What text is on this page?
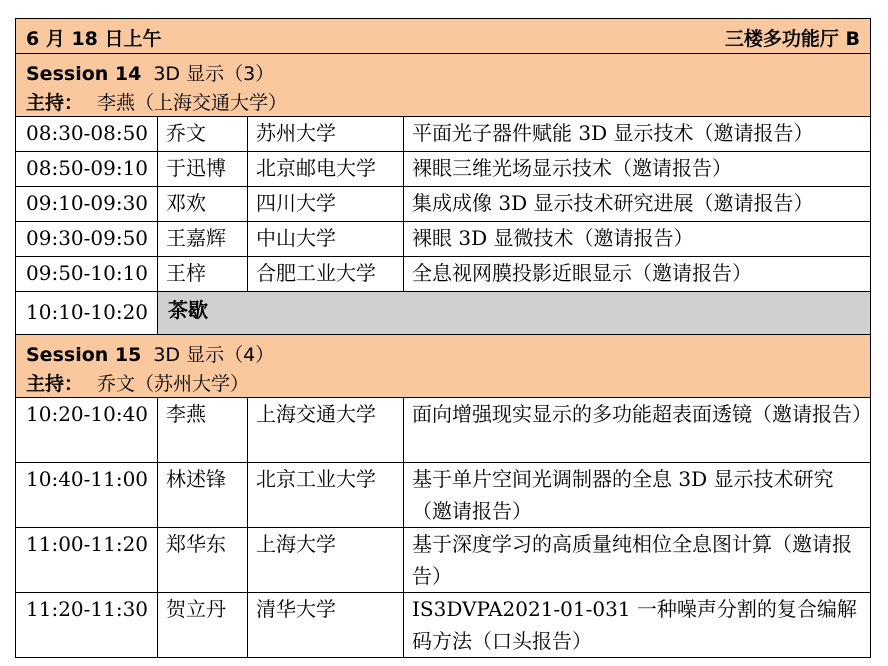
6 月 18 日上午 三楼多功能厅 B			

Session 14 3D 显示（3）
主持： 李燕（上海交通大学）			

08:30-08:50	乔文	苏州大学	平面光子器件赋能 3D 显示技术（邀请报告）
08:50-09:10	于迅博	北京邮电大学	裸眼三维光场显示技术（邀请报告）
09:10-09:30	邓欢	四川大学	集成成像 3D 显示技术研究进展（邀请报告）
09:30-09:50	王嘉辉	中山大学	裸眼 3D 显微技术（邀请报告）
09:50-10:10	王梓	合肥工业大学	全息视网膜投影近眼显示（邀请报告）
10:10-10:20	茶歇		

Session 15 3D 显示（4）
主持： 乔文（苏州大学）			

10:20-10:40	李燕	上海交通大学	面向增强现实显示的多功能超表面透镜（邀请报告）
10:40-11:00	林述锋	北京工业大学	基于单片空间光调制器的全息 3D 显示技术研究（邀请报告）
11:00-11:20	郑华东	上海大学	基于深度学习的高质量纯相位全息图计算（邀请报告）
11:20-11:30	贺立丹	清华大学	IS3DVPA2021-01-031 一种噪声分割的复合编解码方法（口头报告）
